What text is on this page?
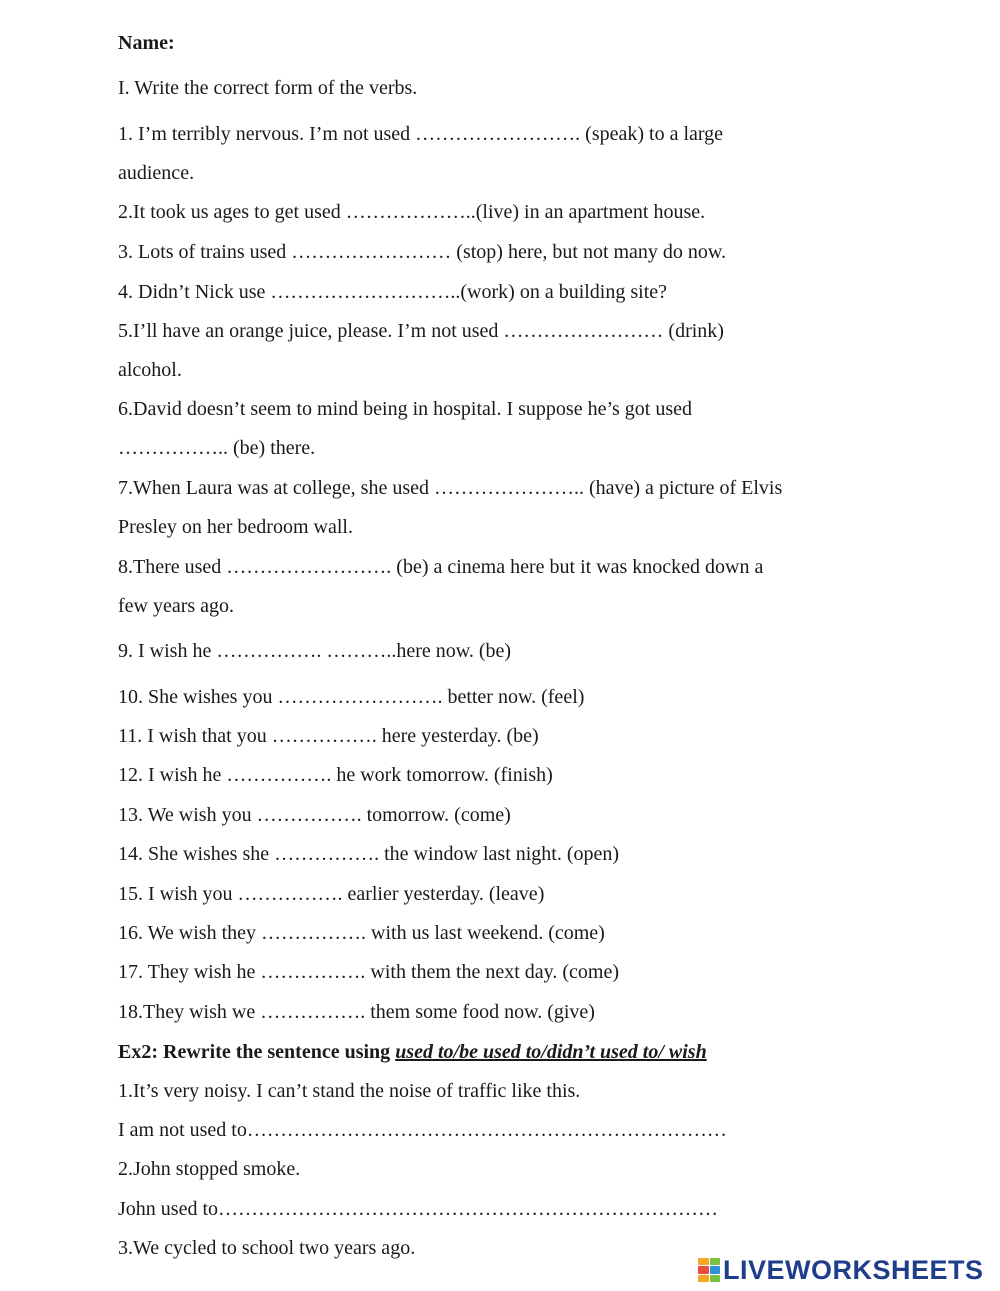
Name:
I. Write the correct form of the verbs.
1. I’m terribly nervous. I’m not used ……………………. (speak) to a large
audience.
2.It took us ages to get used ………………..(live) in an apartment house.
3. Lots of trains used …………………… (stop) here, but not many do now.
4. Didn’t Nick use ………………………..(work) on a building site?
5.I’ll have an orange juice, please. I’m not used …………………… (drink)
alcohol.
6.David doesn’t seem to mind being in hospital. I suppose he’s got used
…………….. (be) there.
7.When Laura was at college, she used ………………….. (have) a picture of Elvis
Presley on her bedroom wall.
8.There used ……………………. (be) a cinema here but it was knocked down a
few years ago.
9. I wish he ……………. ………..here now. (be)
10. She wishes you ……………………. better now. (feel)
11. I wish that you ……………. here yesterday. (be)
12. I wish he ……………. he work tomorrow. (finish)
13. We wish you ……………. tomorrow. (come)
14. She wishes she ……………. the window last night. (open)
15. I wish you ……………. earlier yesterday. (leave)
16. We wish they ……………. with us last weekend. (come)
17. They wish he ……………. with them the next day. (come)
18.They wish we ……………. them some food now. (give)
Ex2: Rewrite the sentence using used to/be used to/didn’t used to/ wish
1.It’s very noisy. I can’t stand the noise of traffic like this.
I am not used to………………………………………………………………
2.John stopped smoke.
John used to…………………………………………………………………
3.We cycled to school two years ago.
LIVEWORKSHEETS
